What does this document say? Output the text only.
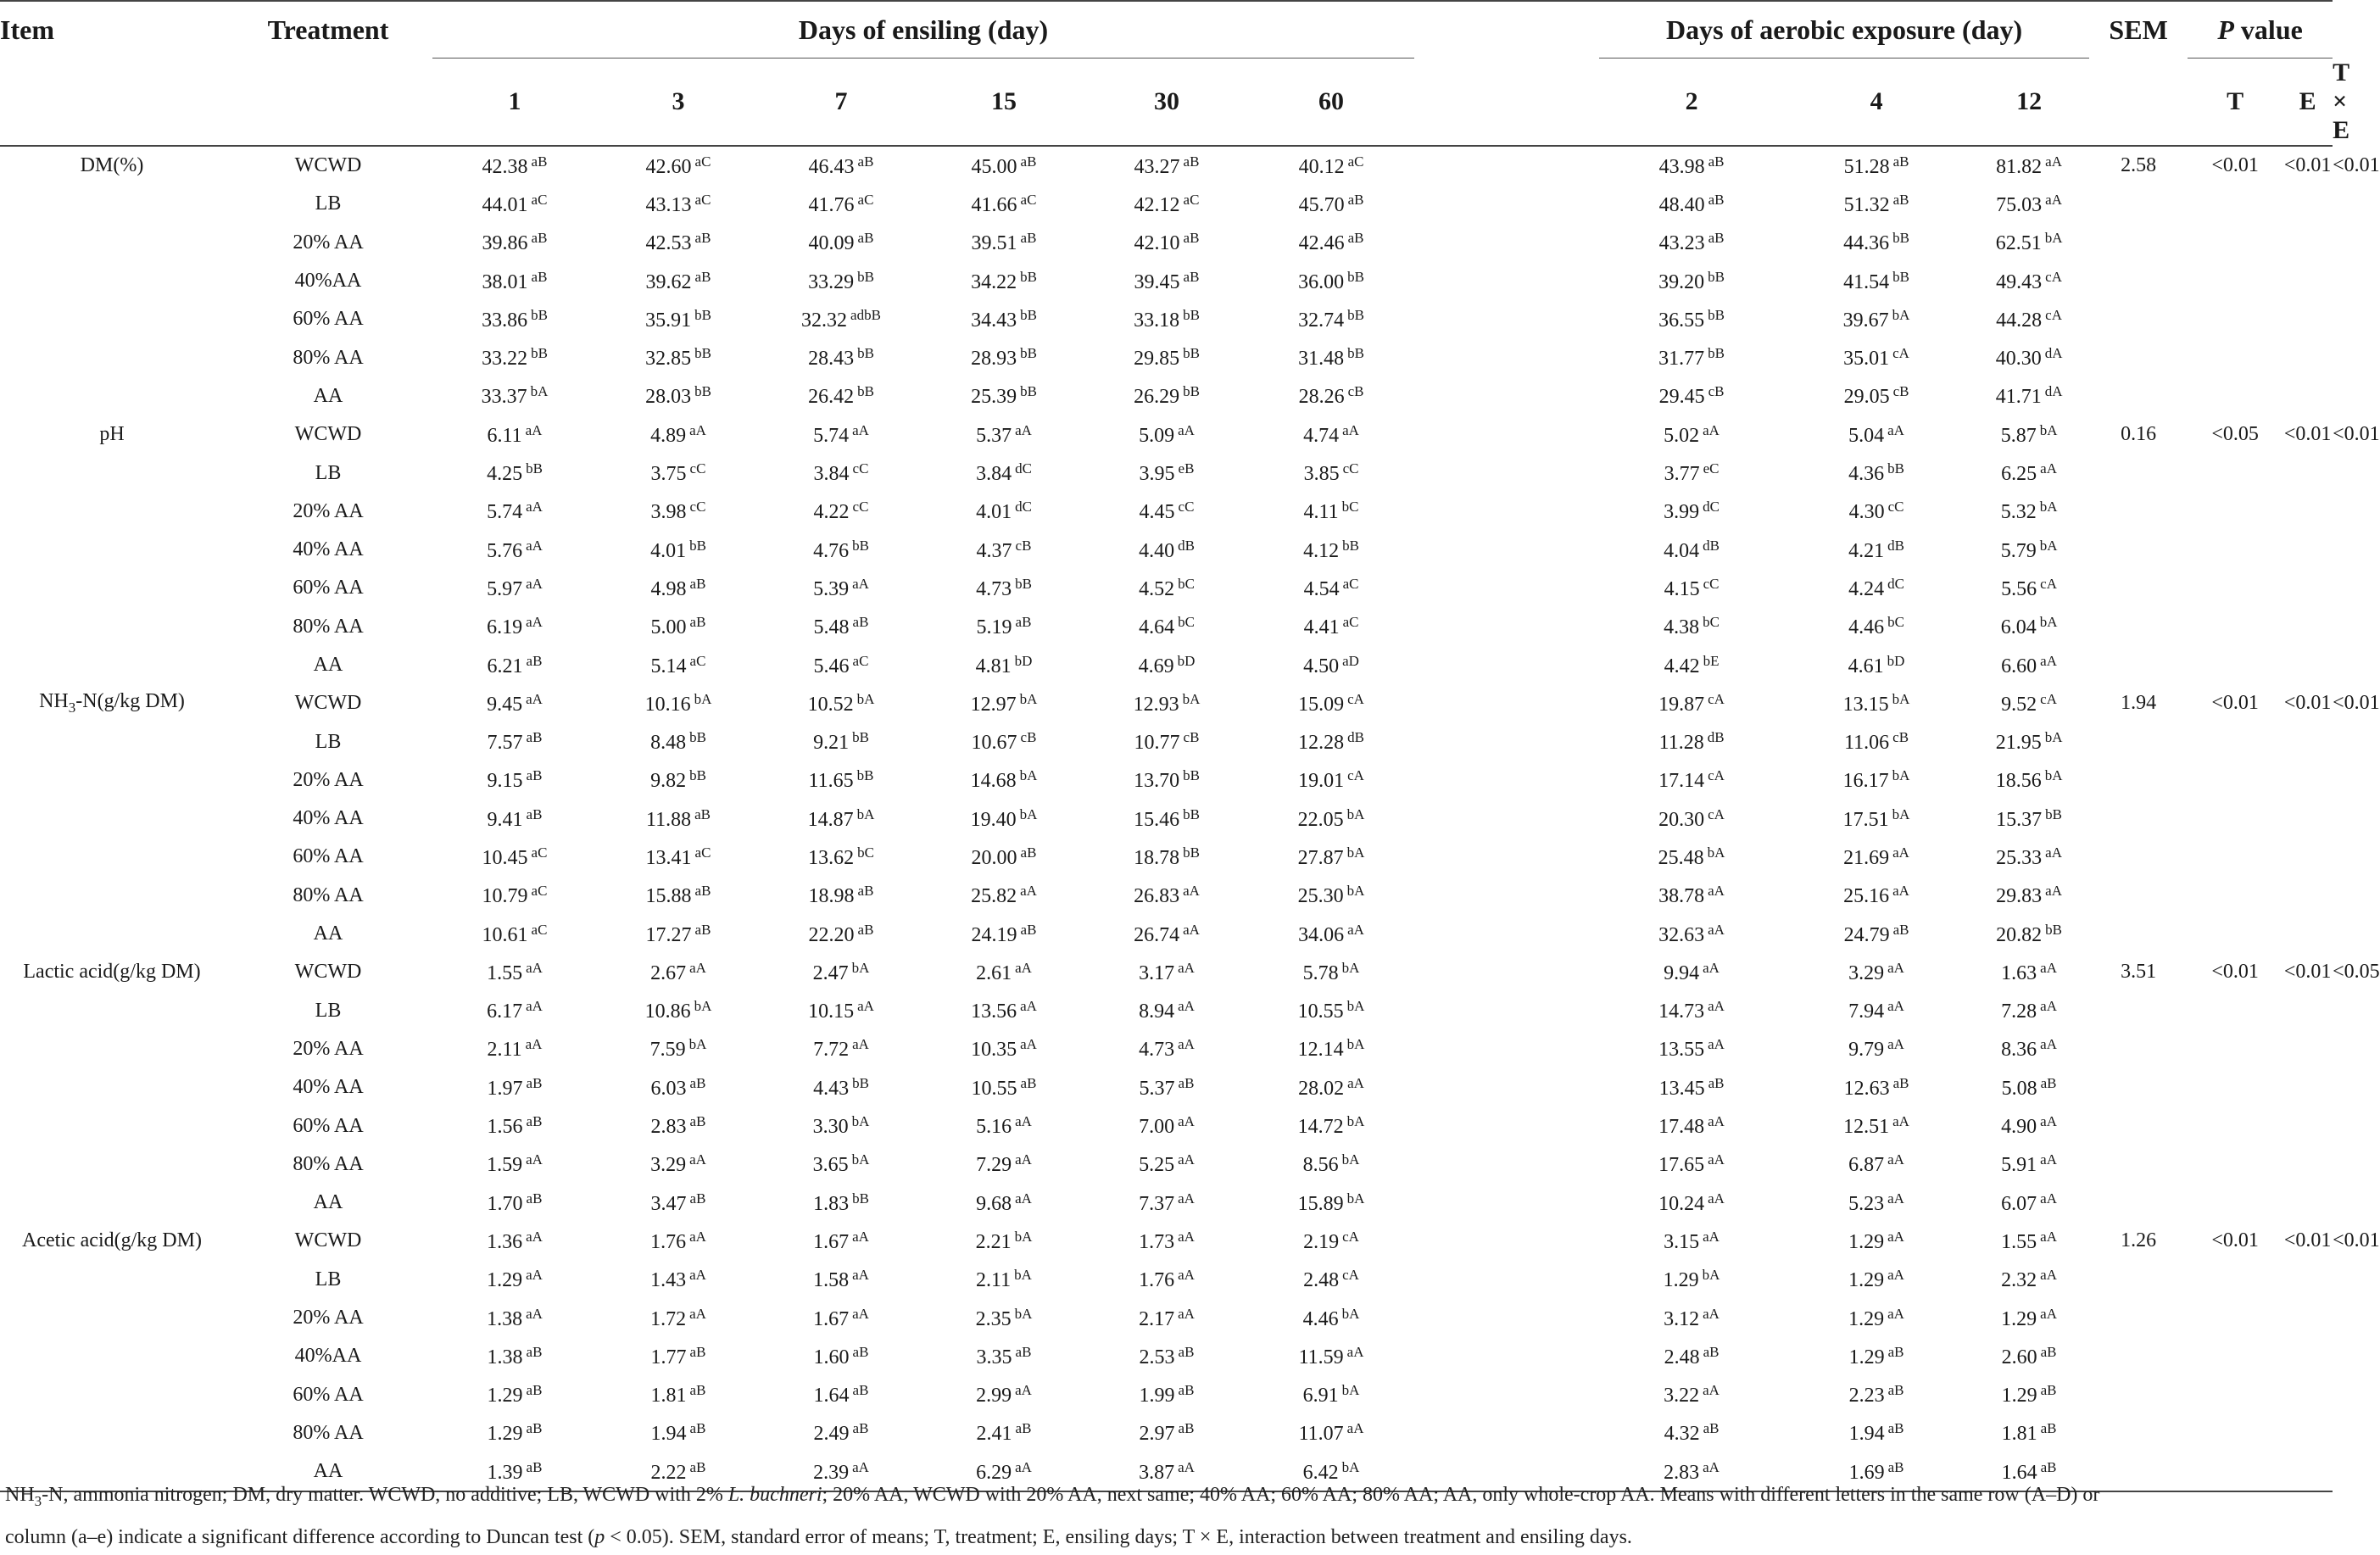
Item	Treatment	Days of ensiling (day)							Days of aerobic exposure (day)			SEM	P value		
		1	3	7	15	30	60		2	4	12		T	E	T × E
DM(%)	WCWD	42.38 $^{aB}$	42.60 $^{aC}$	46.43 $^{aB}$	45.00 $^{aB}$	43.27 $^{aB}$	40.12 $^{aC}$		43.98 $^{aB}$	51.28 $^{aB}$	81.82 $^{aA}$	2.58	<0.01	<0.01	<0.01
	LB	44.01 $^{aC}$	43.13 $^{aC}$	41.76 $^{aC}$	41.66 $^{aC}$	42.12 $^{aC}$	45.70 $^{aB}$		48.40 $^{aB}$	51.32 $^{aB}$	75.03 $^{aA}$				
	20% AA	39.86 $^{aB}$	42.53 $^{aB}$	40.09 $^{aB}$	39.51 $^{aB}$	42.10 $^{aB}$	42.46 $^{aB}$		43.23 $^{aB}$	44.36 $^{bB}$	62.51 $^{bA}$				
	40%AA	38.01 $^{aB}$	39.62 $^{aB}$	33.29 $^{bB}$	34.22 $^{bB}$	39.45 $^{aB}$	36.00 $^{bB}$		39.20 $^{bB}$	41.54 $^{bB}$	49.43 $^{cA}$				
	60% AA	33.86 $^{bB}$	35.91 $^{bB}$	32.32 $^{adbB}$	34.43 $^{bB}$	33.18 $^{bB}$	32.74 $^{bB}$		36.55 $^{bB}$	39.67 $^{bA}$	44.28 $^{cA}$				
	80% AA	33.22 $^{bB}$	32.85 $^{bB}$	28.43 $^{bB}$	28.93 $^{bB}$	29.85 $^{bB}$	31.48 $^{bB}$		31.77 $^{bB}$	35.01 $^{cA}$	40.30 $^{dA}$				
	AA	33.37 $^{bA}$	28.03 $^{bB}$	26.42 $^{bB}$	25.39 $^{bB}$	26.29 $^{bB}$	28.26 $^{cB}$		29.45 $^{cB}$	29.05 $^{cB}$	41.71 $^{dA}$				
pH	WCWD	6.11 $^{aA}$	4.89 $^{aA}$	5.74 $^{aA}$	5.37 $^{aA}$	5.09 $^{aA}$	4.74 $^{aA}$		5.02 $^{aA}$	5.04 $^{aA}$	5.87 $^{bA}$	0.16	<0.05	<0.01	<0.01
	LB	4.25 $^{bB}$	3.75 $^{cC}$	3.84 $^{cC}$	3.84 $^{dC}$	3.95 $^{eB}$	3.85 $^{cC}$		3.77 $^{eC}$	4.36 $^{bB}$	6.25 $^{aA}$				
	20% AA	5.74 $^{aA}$	3.98 $^{cC}$	4.22 $^{cC}$	4.01 $^{dC}$	4.45 $^{cC}$	4.11 $^{bC}$		3.99 $^{dC}$	4.30 $^{cC}$	5.32 $^{bA}$				
	40% AA	5.76 $^{aA}$	4.01 $^{bB}$	4.76 $^{bB}$	4.37 $^{cB}$	4.40 $^{dB}$	4.12 $^{bB}$		4.04 $^{dB}$	4.21 $^{dB}$	5.79 $^{bA}$				
	60% AA	5.97 $^{aA}$	4.98 $^{aB}$	5.39 $^{aA}$	4.73 $^{bB}$	4.52 $^{bC}$	4.54 $^{aC}$		4.15 $^{cC}$	4.24 $^{dC}$	5.56 $^{cA}$				
	80% AA	6.19 $^{aA}$	5.00 $^{aB}$	5.48 $^{aB}$	5.19 $^{aB}$	4.64 $^{bC}$	4.41 $^{aC}$		4.38 $^{bC}$	4.46 $^{bC}$	6.04 $^{bA}$				
	AA	6.21 $^{aB}$	5.14 $^{aC}$	5.46 $^{aC}$	4.81 $^{bD}$	4.69 $^{bD}$	4.50 $^{aD}$		4.42 $^{bE}$	4.61 $^{bD}$	6.60 $^{aA}$				
$NH_3-N(g/kg$ DM)	WCWD	9.45 $^{aA}$	10.16 $^{bA}$	10.52 $^{bA}$	12.97 $^{bA}$	12.93 $^{bA}$	15.09 $^{cA}$		19.87 $^{cA}$	13.15 $^{bA}$	9.52 $^{cA}$	1.94	<0.01	<0.01	<0.01
	LB	7.57 $^{aB}$	8.48 $^{bB}$	9.21 $^{bB}$	10.67 $^{cB}$	10.77 $^{cB}$	12.28 $^{dB}$		11.28 $^{dB}$	11.06 $^{cB}$	21.95 $^{bA}$				
	20% AA	9.15 $^{aB}$	9.82 $^{bB}$	11.65 $^{bB}$	14.68 $^{bA}$	13.70 $^{bB}$	19.01 $^{cA}$		17.14 $^{cA}$	16.17 $^{bA}$	18.56 $^{bA}$				
	40% AA	9.41 $^{aB}$	11.88 $^{aB}$	14.87 $^{bA}$	19.40 $^{bA}$	15.46 $^{bB}$	22.05 $^{bA}$		20.30 $^{cA}$	17.51 $^{bA}$	15.37 $^{bB}$				
	60% AA	10.45 $^{aC}$	13.41 $^{aC}$	13.62 $^{bC}$	20.00 $^{aB}$	18.78 $^{bB}$	27.87 $^{bA}$		25.48 $^{bA}$	21.69 $^{aA}$	25.33 $^{aA}$				
	80% AA	10.79 $^{aC}$	15.88 $^{aB}$	18.98 $^{aB}$	25.82 $^{aA}$	26.83 $^{aA}$	25.30 $^{bA}$		38.78 $^{aA}$	25.16 $^{aA}$	29.83 $^{aA}$				
	AA	10.61 $^{aC}$	17.27 $^{aB}$	22.20 $^{aB}$	24.19 $^{aB}$	26.74 $^{aA}$	34.06 $^{aA}$		32.63 $^{aA}$	24.79 $^{aB}$	20.82 $^{bB}$				
Lactic acid(g/kg DM)	WCWD	1.55 $^{aA}$	2.67 $^{aA}$	2.47 $^{bA}$	2.61 $^{aA}$	3.17 $^{aA}$	5.78 $^{bA}$		9.94 $^{aA}$	3.29 $^{aA}$	1.63 $^{aA}$	3.51	<0.01	<0.01	<0.05
	LB	6.17 $^{aA}$	10.86 $^{bA}$	10.15 $^{aA}$	13.56 $^{aA}$	8.94 $^{aA}$	10.55 $^{bA}$		14.73 $^{aA}$	7.94 $^{aA}$	7.28 $^{aA}$				
	20% AA	2.11 $^{aA}$	7.59 $^{bA}$	7.72 $^{aA}$	10.35 $^{aA}$	4.73 $^{aA}$	12.14 $^{bA}$		13.55 $^{aA}$	9.79 $^{aA}$	8.36 $^{aA}$				
	40% AA	1.97 $^{aB}$	6.03 $^{aB}$	4.43 $^{bB}$	10.55 $^{aB}$	5.37 $^{aB}$	28.02 $^{aA}$		13.45 $^{aB}$	12.63 $^{aB}$	5.08 $^{aB}$				
	60% AA	1.56 $^{aB}$	2.83 $^{aB}$	3.30 $^{bA}$	5.16 $^{aA}$	7.00 $^{aA}$	14.72 $^{bA}$		17.48 $^{aA}$	12.51 $^{aA}$	4.90 $^{aA}$				
	80% AA	1.59 $^{aA}$	3.29 $^{aA}$	3.65 $^{bA}$	7.29 $^{aA}$	5.25 $^{aA}$	8.56 $^{bA}$		17.65 $^{aA}$	6.87 $^{aA}$	5.91 $^{aA}$				
	AA	1.70 $^{aB}$	3.47 $^{aB}$	1.83 $^{bB}$	9.68 $^{aA}$	7.37 $^{aA}$	15.89 $^{bA}$		10.24 $^{aA}$	5.23 $^{aA}$	6.07 $^{aA}$				
Acetic acid(g/kg DM)	WCWD	1.36 $^{aA}$	1.76 $^{aA}$	1.67 $^{aA}$	2.21 $^{bA}$	1.73 $^{aA}$	2.19 $^{cA}$		3.15 $^{aA}$	1.29 $^{aA}$	1.55 $^{aA}$	1.26	<0.01	<0.01	<0.01
	LB	1.29 $^{aA}$	1.43 $^{aA}$	1.58 $^{aA}$	2.11 $^{bA}$	1.76 $^{aA}$	2.48 $^{cA}$		1.29 $^{bA}$	1.29 $^{aA}$	2.32 $^{aA}$				
	20% AA	1.38 $^{aA}$	1.72 $^{aA}$	1.67 $^{aA}$	2.35 $^{bA}$	2.17 $^{aA}$	4.46 $^{bA}$		3.12 $^{aA}$	1.29 $^{aA}$	1.29 $^{aA}$				
	40%AA	1.38 $^{aB}$	1.77 $^{aB}$	1.60 $^{aB}$	3.35 $^{aB}$	2.53 $^{aB}$	11.59 $^{aA}$		2.48 $^{aB}$	1.29 $^{aB}$	2.60 $^{aB}$				
	60% AA	1.29 $^{aB}$	1.81 $^{aB}$	1.64 $^{aB}$	2.99 $^{aA}$	1.99 $^{aB}$	6.91 $^{bA}$		3.22 $^{aA}$	2.23 $^{aB}$	1.29 $^{aB}$				
	80% AA	1.29 $^{aB}$	1.94 $^{aB}$	2.49 $^{aB}$	2.41 $^{aB}$	2.97 $^{aB}$	11.07 $^{aA}$		4.32 $^{aB}$	1.94 $^{aB}$	1.81 $^{aB}$				
	AA	1.39 $^{aB}$	2.22 $^{aB}$	2.39 $^{aA}$	6.29 $^{aA}$	3.87 $^{aA}$	6.42 $^{bA}$		2.83 $^{aA}$	1.69 $^{aB}$	1.64 $^{aB}$				
$NH_3-N$, ammonia nitrogen; DM, dry matter. WCWD, no additive; LB, WCWD with 2% L. buchneri; 20% AA, WCWD with 20% AA, next same; 40% AA; 60% AA; 80% AA; AA, only whole-crop AA. Means with different letters in the same row (A–D) or
column (a–e) indicate a significant difference according to Duncan test (p < 0.05). SEM, standard error of means; T, treatment; E, ensiling days; T × E, interaction between treatment and ensiling days.
